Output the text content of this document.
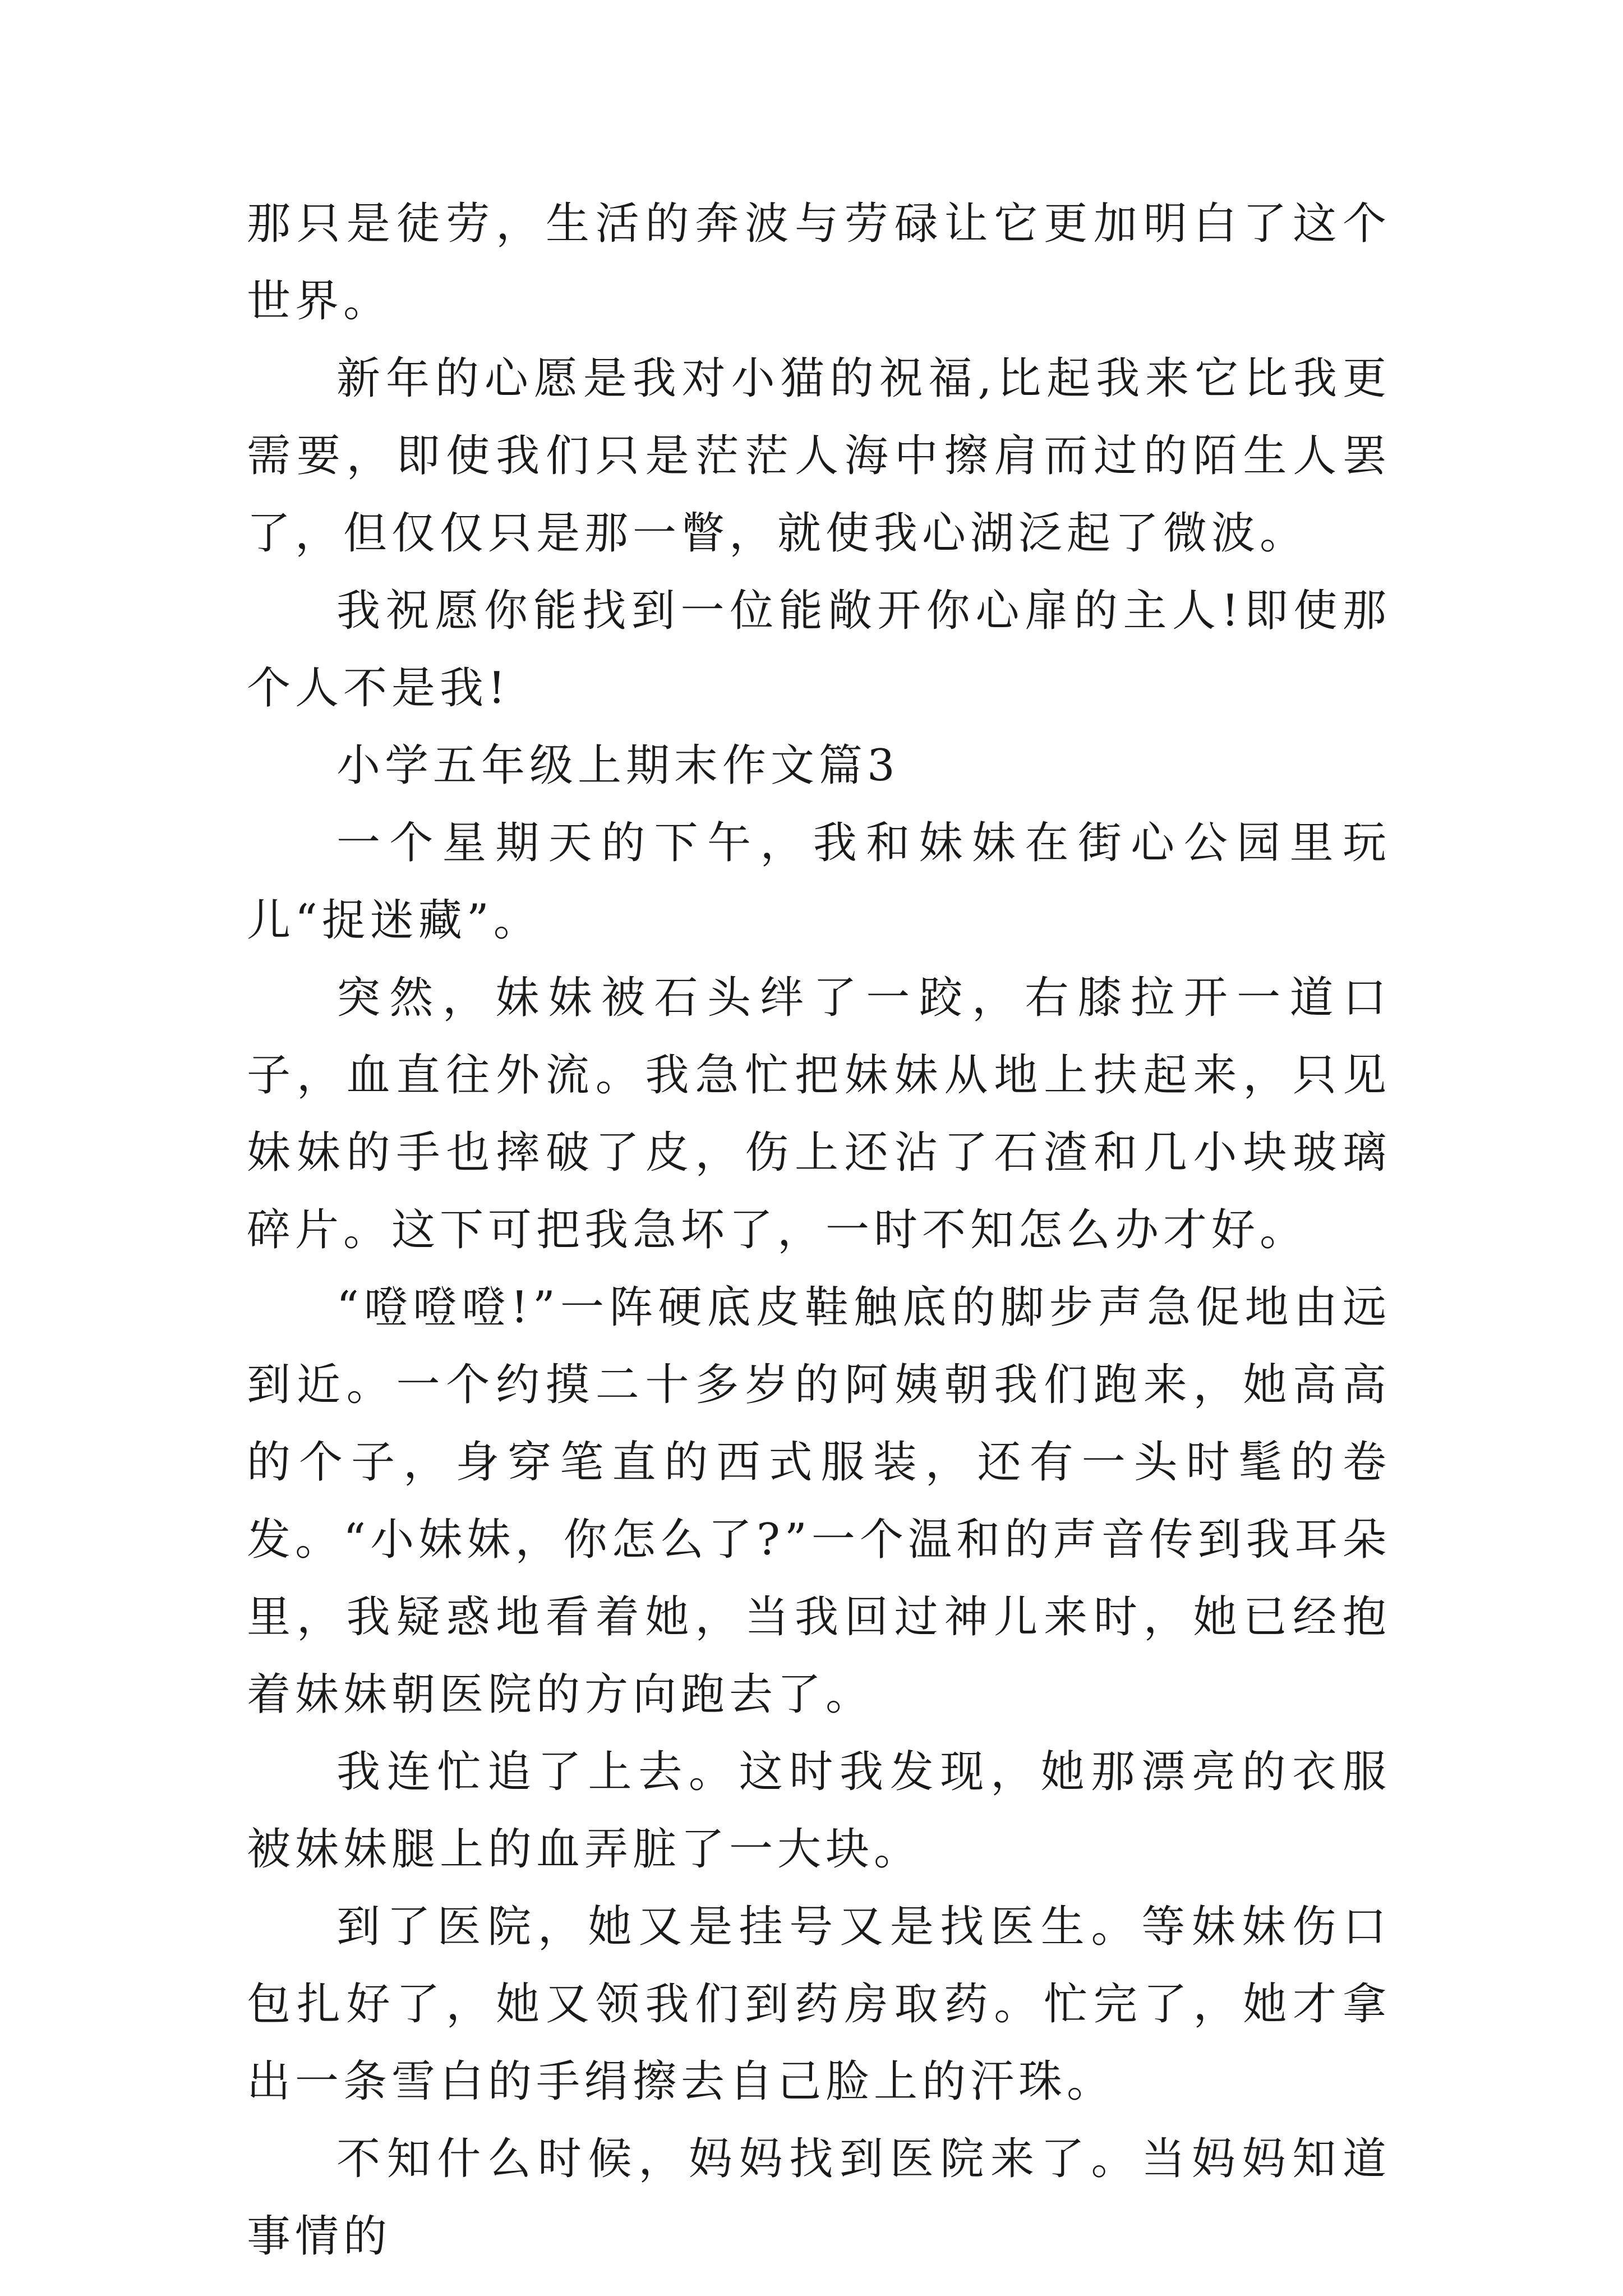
那只是徒劳，生活的奔波与劳碌让它更加明白了这个世界。

新年的心愿是我对小猫的祝福,比起我来它比我更需要，即使我们只是茫茫人海中擦肩而过的陌生人罢了，但仅仅只是那一瞥，就使我心湖泛起了微波。

我祝愿你能找到一位能敞开你心扉的主人!即使那个人不是我!

小学五年级上期末作文篇3

一个星期天的下午，我和妹妹在街心公园里玩儿“捉迷藏”。

突然，妹妹被石头绊了一跤，右膝拉开一道口子，血直往外流。我急忙把妹妹从地上扶起来，只见妹妹的手也摔破了皮，伤上还沾了石渣和几小块玻璃碎片。这下可把我急坏了，一时不知怎么办才好。

“噔噔噔!”一阵硬底皮鞋触底的脚步声急促地由远到近。一个约摸二十多岁的阿姨朝我们跑来，她高高的个子，身穿笔直的西式服装，还有一头时髦的卷发。“小妹妹，你怎么了?”一个温和的声音传到我耳朵里，我疑惑地看着她，当我回过神儿来时，她已经抱着妹妹朝医院的方向跑去了。

我连忙追了上去。这时我发现，她那漂亮的衣服被妹妹腿上的血弄脏了一大块。

到了医院，她又是挂号又是找医生。等妹妹伤口包扎好了，她又领我们到药房取药。忙完了，她才拿出一条雪白的手绢擦去自己脸上的汗珠。

不知什么时候，妈妈找到医院来了。当妈妈知道事情的
